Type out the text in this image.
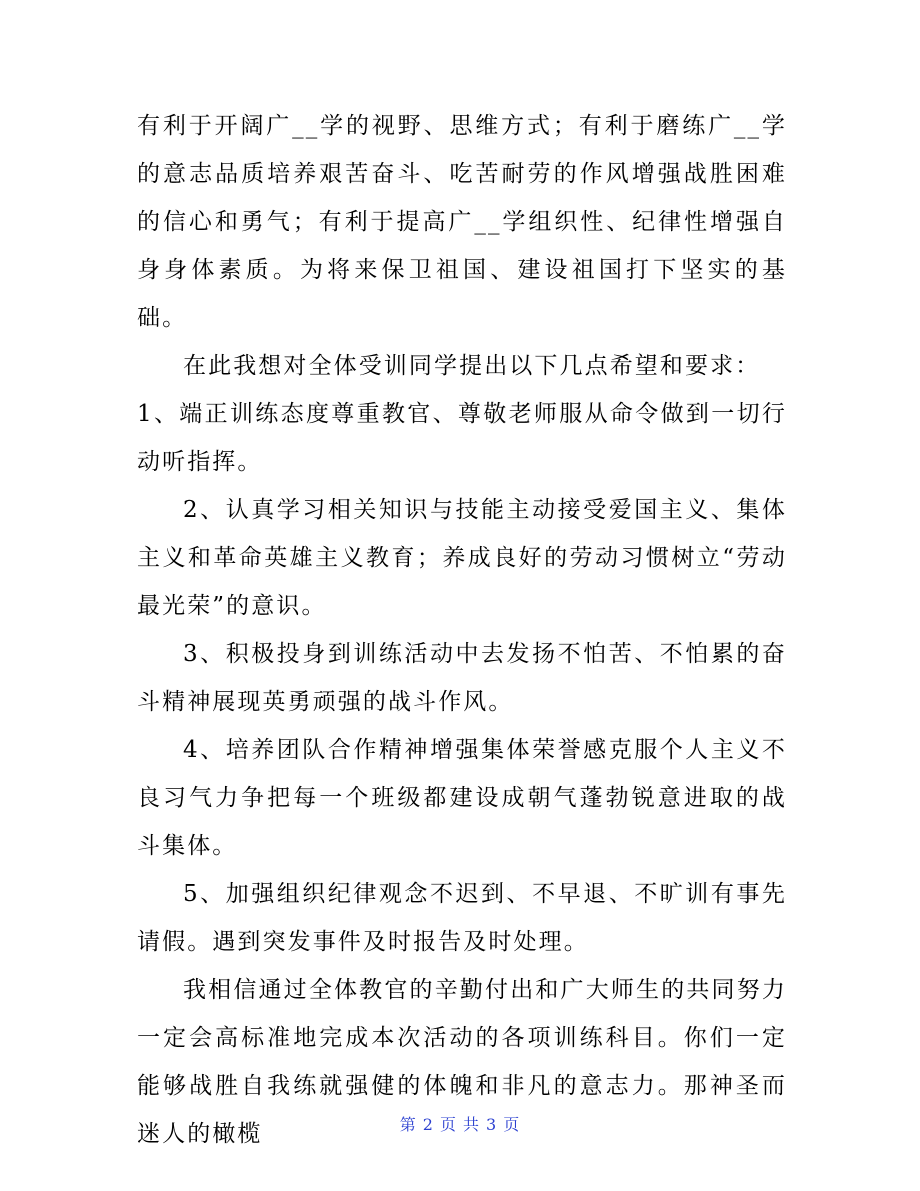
有利于开阔广__学的视野、思维方式；有利于磨练广__学的意志品质培养艰苦奋斗、吃苦耐劳的作风增强战胜困难的信心和勇气；有利于提高广__学组织性、纪律性增强自身身体素质。为将来保卫祖国、建设祖国打下坚实的基础。

在此我想对全体受训同学提出以下几点希望和要求：

1、端正训练态度尊重教官、尊敬老师服从命令做到一切行动听指挥。

2、认真学习相关知识与技能主动接受爱国主义、集体主义和革命英雄主义教育；养成良好的劳动习惯树立“劳动最光荣”的意识。

3、积极投身到训练活动中去发扬不怕苦、不怕累的奋斗精神展现英勇顽强的战斗作风。

4、培养团队合作精神增强集体荣誉感克服个人主义不良习气力争把每一个班级都建设成朝气蓬勃锐意进取的战斗集体。

5、加强组织纪律观念不迟到、不早退、不旷训有事先请假。遇到突发事件及时报告及时处理。

我相信通过全体教官的辛勤付出和广大师生的共同努力一定会高标准地完成本次活动的各项训练科目。你们一定能够战胜自我练就强健的体魄和非凡的意志力。那神圣而迷人的橄榄	第 2 页 共 3 页
